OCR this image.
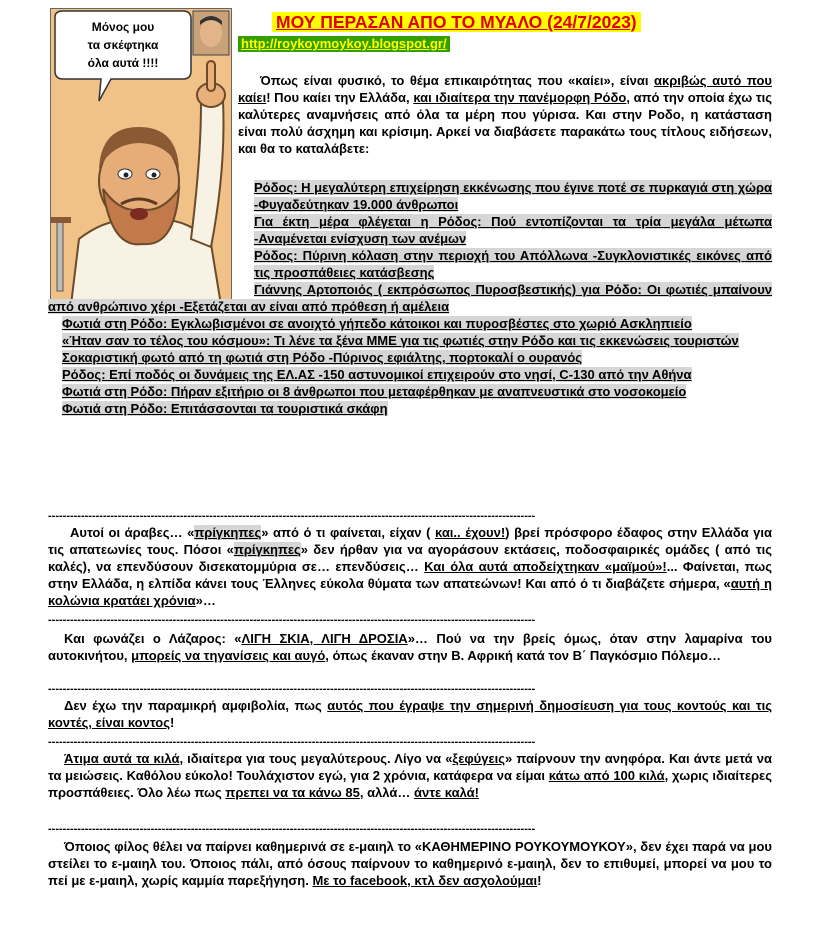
Μόνος μου
τα σκέφτηκα
όλα αυτά !!!!
ΜΟΥ ΠΕΡΑΣΑΝ ΑΠΟ ΤΟ ΜΥΑΛΟ (24/7/2023)
http://roykoymoykoy.blogspot.gr/
Όπως είναι φυσικό, το θέμα επικαιρότητας που «καίει», είναι ακριβώς αυτό που καίει! Που καίει την Ελλάδα, και ιδιαίτερα την πανέμορφη Ρόδο, από την οποία έχω τις καλύτερες αναμνήσεις από όλα τα μέρη που γύρισα. Και στην Ροδο, η κατάσταση είναι πολύ άσχημη και κρίσιμη. Αρκεί να διαβάσετε παρακάτω τους τίτλους ειδήσεων, και θα το καταλάβετε:
Ρόδος: Η μεγαλύτερη επιχείρηση εκκένωσης που έγινε ποτέ σε πυρκαγιά στη χώρα -Φυγαδεύτηκαν 19.000 άνθρωποι
Για έκτη μέρα φλέγεται η Ρόδος: Πού εντοπίζονται τα τρία μεγάλα μέτωπα -Αναμένεται ενίσχυση των ανέμων
Ρόδος: Πύρινη κόλαση στην περιοχή του Απόλλωνα -Συγκλονιστικές εικόνες από τις προσπάθειες κατάσβεσης
Γιάννης Αρτοποιός ( εκπρόσωπος Πυροσβεστικής) για Ρόδο: Οι φωτιές μπαίνουν από ανθρώπινο χέρι -Εξετάζεται αν είναι από πρόθεση ή αμέλεια
Φωτιά στη Ρόδο: Εγκλωβισμένοι σε ανοιχτό γήπεδο κάτοικοι και πυροσβέστες στο χωριό Ασκληπιείο
«Ήταν σαν το τέλος του κόσμου»: Τι λένε τα ξένα ΜΜΕ για τις φωτιές στην Ρόδο και τις εκκενώσεις τουριστών
Σοκαριστική φωτό από τη φωτιά στη Ρόδο -Πύρινος εφιάλτης, πορτοκαλί ο ουρανός
Ρόδος: Επί ποδός οι δυνάμεις της ΕΛ.ΑΣ -150 αστυνομικοί επιχειρούν στο νησί, C-130 από την Αθήνα
Φωτιά στη Ρόδο: Πήραν εξιτήριο οι 8 άνθρωποι που μεταφέρθηκαν με αναπνευστικά στο νοσοκομείο
Φωτιά στη Ρόδο: Επιτάσσονται τα τουριστικά σκάφη
-------------------------------------------------------------------------------------------------------------------------------------
Αυτοί οι άραβες… «πρίγκηπες» από ό τι φαίνεται, είχαν ( και.. έχουν!) βρεί πρόσφορο έδαφος στην Ελλάδα για τις απατεωνίες τους. Πόσοι «πρίγκηπες» δεν ήρθαν για να αγοράσουν εκτάσεις, ποδοσφαιρικές ομάδες ( από τις καλές), να επενδύσουν δισεκατομμύρια σε… επενδύσεις… Και όλα αυτά αποδείχτηκαν «μαϊμού»!... Φαίνεται, πως στην Ελλάδα, η ελπίδα κάνει τους Έλληνες εύκολα θύματα των απατεώνων! Και από ό τι διαβάζετε σήμερα, «αυτή η κολώνια κρατάει χρόνια»…
-------------------------------------------------------------------------------------------------------------------------------------
Και φωνάζει ο Λάζαρος: «ΛΙΓΗ ΣΚΙΑ, ΛΙΓΗ ΔΡΟΣΙΑ»… Πού να την βρείς όμως, όταν στην λαμαρίνα του αυτοκινήτου, μπορείς να τηγανίσεις και αυγό, όπως έκαναν στην Β. Αφρική κατά τον Β΄ Παγκόσμιο Πόλεμο…
-------------------------------------------------------------------------------------------------------------------------------------
Δεν έχω την παραμικρή αμφιβολία, πως αυτός που έγραψε την σημερινή δημοσίευση για τους κοντούς και τις κοντές, είναι κοντος!
-------------------------------------------------------------------------------------------------------------------------------------
Άτιμα αυτά τα κιλά, ιδιαίτερα για τους μεγαλύτερους. Λίγο να «ξεφύγεις» παίρνουν την ανηφόρα. Και άντε μετά να τα μειώσεις. Καθόλου εύκολο! Τουλάχιστον εγώ, για 2 χρόνια, κατάφερα να είμαι κάτω από 100 κιλά, χωρις ιδιαίτερες προσπάθειες. Όλο λέω πως πρεπει να τα κάνω 85, αλλά… άντε καλά!
-------------------------------------------------------------------------------------------------------------------------------------
Όποιος φίλος θέλει να παίρνει καθημερινά σε ε-μαιηλ το «ΚΑΘΗΜΕΡΙΝΟ ΡΟΥΚΟΥΜΟΥΚΟΥ», δεν έχει παρά να μου στείλει το ε-μαιηλ του. Όποιος πάλι, από όσους παίρνουν το καθημερινό ε-μαιηλ, δεν το επιθυμεί, μπορεί να μου το πεί με ε-μαιηλ, χωρίς καμμία παρεξήγηση. Με το facebook, κτλ δεν ασχολούμαι!
